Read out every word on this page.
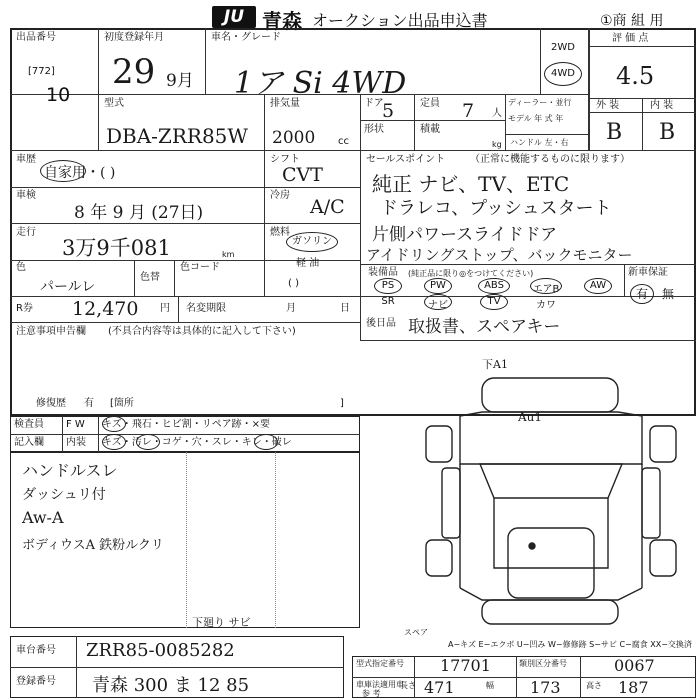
JU 青森 オークション出品申込書	①商 組 用
出品番号
[772]
10
初度登録年月
29 9月
車名・グレード
1ア Si 4WD
2WD
4WD
評 価 点
4.5
外 装	内 装
B B
型式
DBA-ZRR85W
排気量
2000 cc
ドア
5	定員 7 人
ディーラー・並行
モデル 年 式 年
形状	積載
kg ハンドル 左・右
車歴
自家用・( )
シフト
CVT
車検
8 年 9 月 (27日)
冷房
A/C
走行
3万9千081	km
燃料
ガソリン
軽 油
( )
色
パールレ
色替
色コード
R券 12,470 円 名変期限	月	日
セールスポイント （正常に機能するものに限ります）
純正 ナビ、TV、ETC
ドラレコ、プッシュスタート
片側パワースライドドア
アイドリングストップ、バックモニター
装備品 (純正品に限り◎をつけてください)	新車保証
PS	PW	ABS	エアB	AW
SR	ナビ	TV	カワ
有 無
後日品 取扱書、スペアキー
注意事項申告欄 (不具合内容等は具体的に記入して下さい)
修復歴 有 [箇所	]
検査員
記入欄
F W
内装
キズ・飛石・ヒビ割・リペア跡・×要
キズ・汚レ・コゲ・穴・スレ・キレ・破レ
ハンドルスレ
ダッシュリ付
Aw-A
ボディウスA 鉄粉ルクリ
下A1
Au1
下廻り サビ
スペア
A−キズ E−エクボ U−凹み W−修修跡 S−サビ C−腐食 XX−交換済
車台番号 ZRR85-0085282
登録番号 青森 300 ま 12 85
型式指定番号 17701	類別区分番号	0067
車庫法適用車
参 考
長さ 471	幅 173	高さ 187
